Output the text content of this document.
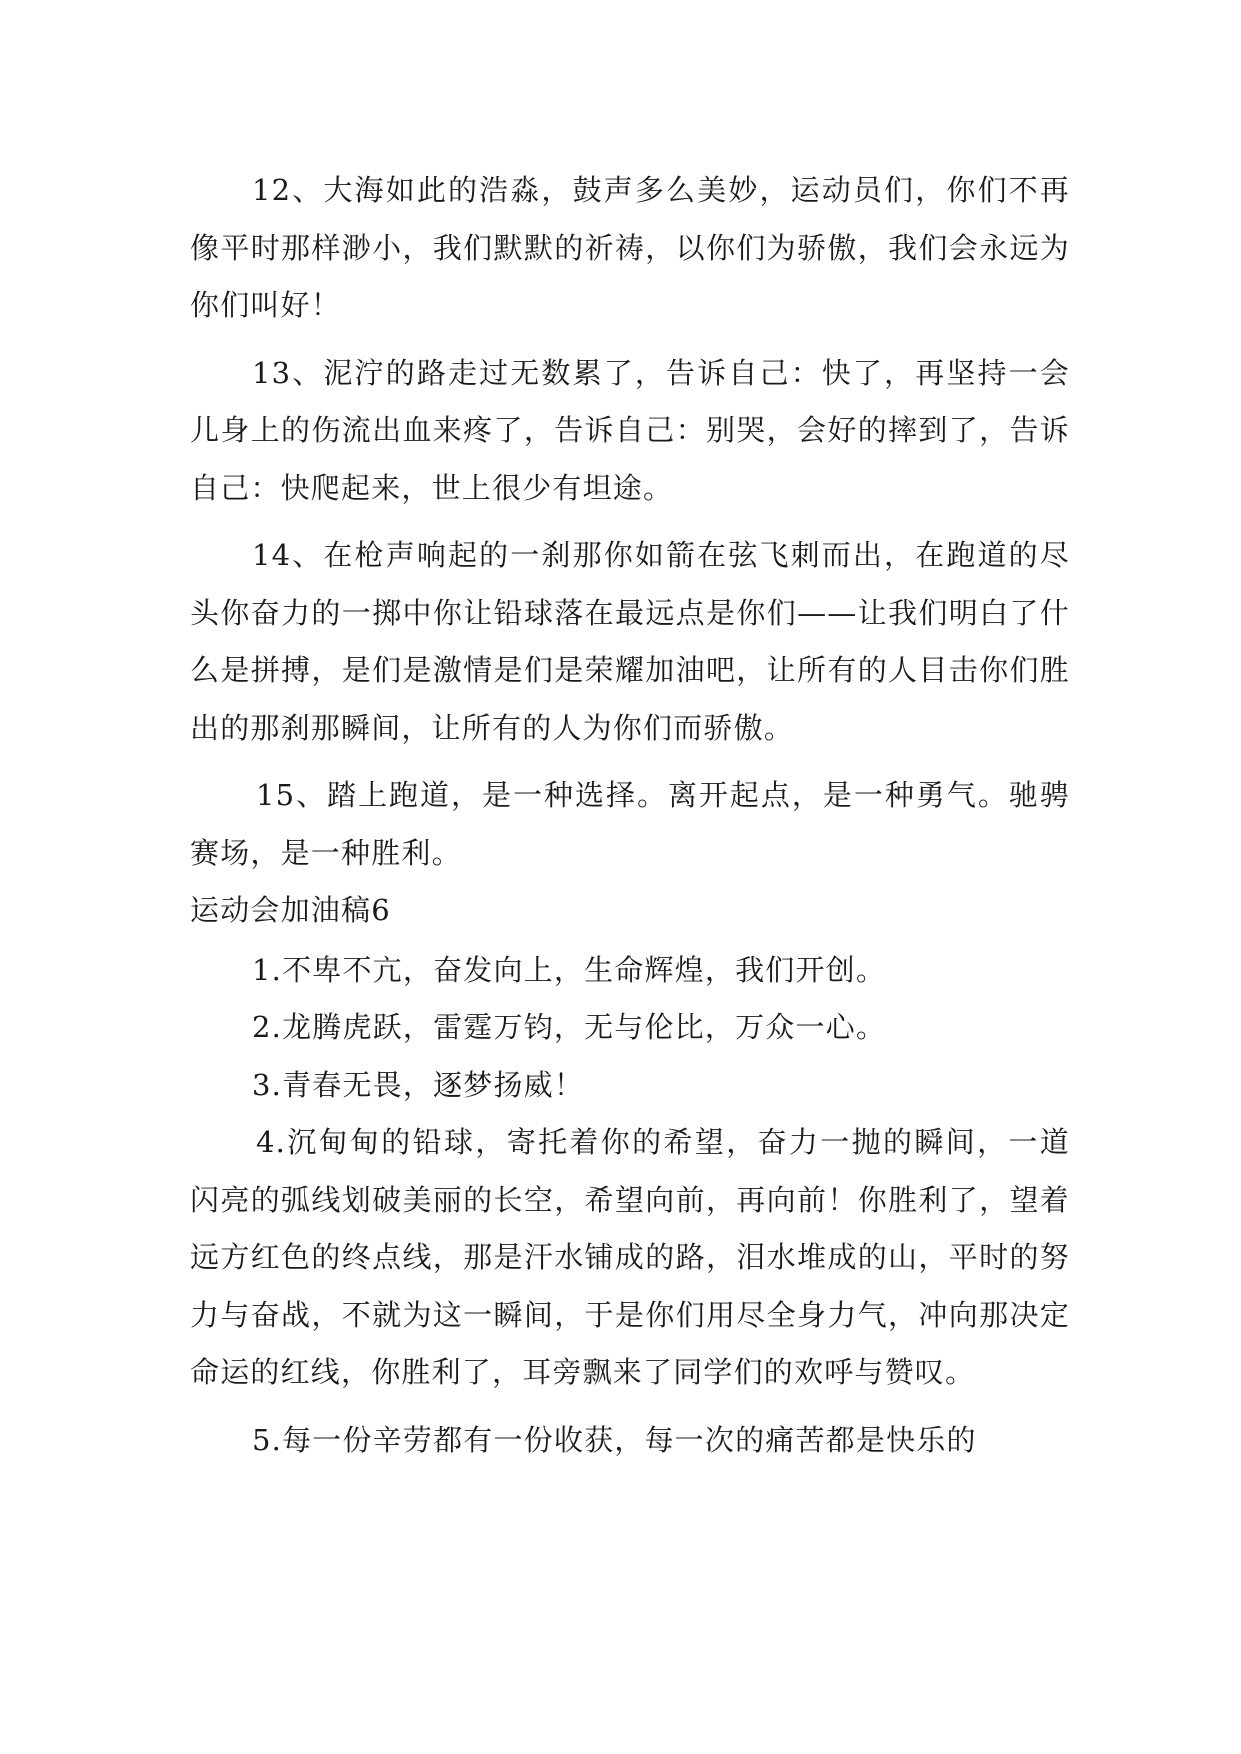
12、大海如此的浩淼，鼓声多么美妙，运动员们，你们不再像平时那样渺小，我们默默的祈祷，以你们为骄傲，我们会永远为你们叫好！

13、泥泞的路走过无数累了，告诉自己：快了，再坚持一会儿身上的伤流出血来疼了，告诉自己：别哭，会好的摔到了，告诉自己：快爬起来，世上很少有坦途。

14、在枪声响起的一刹那你如箭在弦飞刺而出，在跑道的尽头你奋力的一掷中你让铅球落在最远点是你们——让我们明白了什么是拼搏，是们是激情是们是荣耀加油吧，让所有的人目击你们胜出的那刹那瞬间，让所有的人为你们而骄傲。

15、踏上跑道，是一种选择。离开起点，是一种勇气。驰骋赛场，是一种胜利。

运动会加油稿6

1.不卑不亢，奋发向上，生命辉煌，我们开创。

2.龙腾虎跃，雷霆万钧，无与伦比，万众一心。

3.青春无畏，逐梦扬威！

4.沉甸甸的铅球，寄托着你的希望，奋力一抛的瞬间，一道闪亮的弧线划破美丽的长空，希望向前，再向前！你胜利了，望着远方红色的终点线，那是汗水铺成的路，泪水堆成的山，平时的努力与奋战，不就为这一瞬间，于是你们用尽全身力气，冲向那决定命运的红线，你胜利了，耳旁飘来了同学们的欢呼与赞叹。

5.每一份辛劳都有一份收获，每一次的痛苦都是快乐的
